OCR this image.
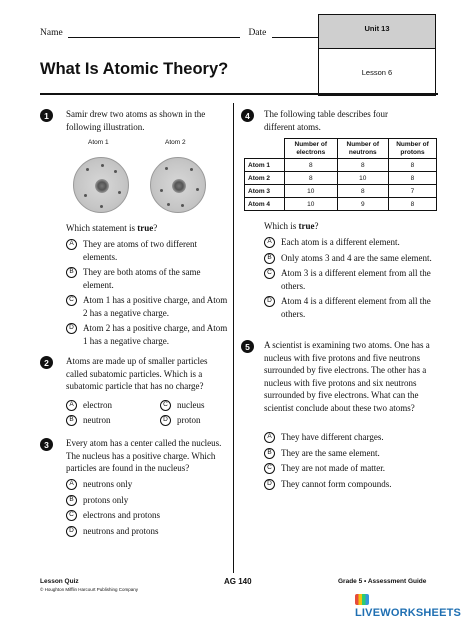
Name	Date	Unit 13
Lesson 6
What Is Atomic Theory?
1	Samir drew two atoms as shown in the following illustration.
Atom 1	Atom 2
Which statement is true?
A	They are atoms of two different elements.
B	They are both atoms of the same element.
C	Atom 1 has a positive charge, and Atom 2 has a negative charge.
D	Atom 2 has a positive charge, and Atom 1 has a negative charge.
2	Atoms are made up of smaller particles called subatomic particles. Which is a subatomic particle that has no charge?
A	electron
B	neutron
C	nucleus
D	proton
3	Every atom has a center called the nucleus. The nucleus has a positive charge. Which particles are found in the nucleus?
A	neutrons only
B	protons only
C	electrons and protons
D	neutrons and protons
4	The following table describes four different atoms.
	Number of electrons	Number of neutrons	Number of protons
Atom 1	8	8	8
Atom 2	8	10	8
Atom 3	10	8	7
Atom 4	10	9	8
Which is true?
A	Each atom is a different element.
B	Only atoms 3 and 4 are the same element.
C	Atom 3 is a different element from all the others.
D	Atom 4 is a different element from all the others.
5	A scientist is examining two atoms. One has a nucleus with five protons and five neutrons surrounded by five electrons. The other has a nucleus with five protons and six neutrons surrounded by five electrons. What can the scientist conclude about these two atoms?
A	They have different charges.
B	They are the same element.
C	They are not made of matter.
D	They cannot form compounds.
Lesson Quiz
© Houghton Mifflin Harcourt Publishing Company
AG 140	Grade 5 • Assessment Guide
LIVEWORKSHEETS
